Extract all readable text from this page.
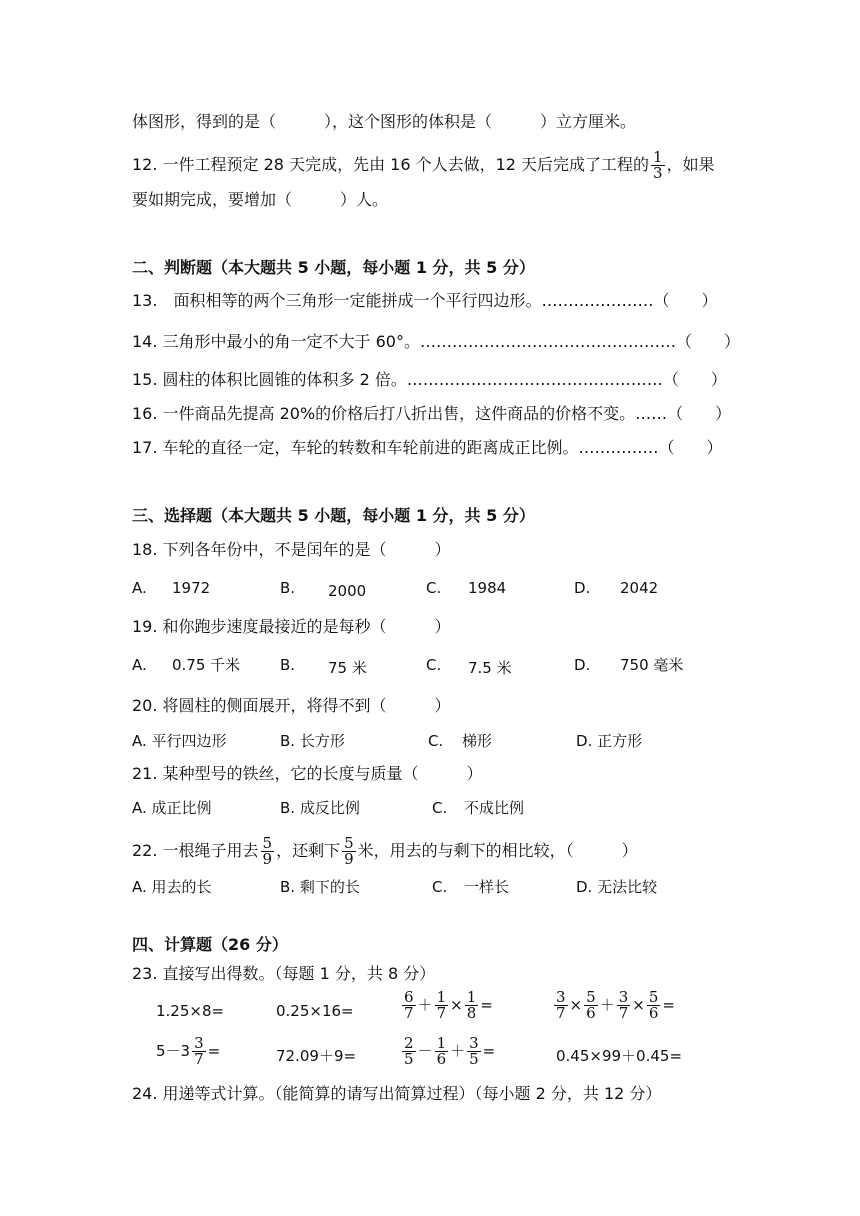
体图形，得到的是（　　　），这个图形的体积是（　　　）立方厘米。
12. 一件工程预定 28 天完成，先由 16 个人去做，12 天后完成了工程的 $\frac{1}{3}$ ，如果
要如期完成，要增加（　　　）人。
二、判断题（本大题共 5 小题，每小题 1 分，共 5 分）
13.　面积相等的两个三角形一定能拼成一个平行四边形。…………………（　　）
14. 三角形中最小的角一定不大于 60°。…………………………………………（　　）
15. 圆柱的体积比圆锥的体积多 2 倍。…………………………………………（　　）
16. 一件商品先提高 20%的价格后打八折出售，这件商品的价格不变。……（　　）
17. 车轮的直径一定，车轮的转数和车轮前进的距离成正比例。……………（　　）
三、选择题（本大题共 5 小题，每小题 1 分，共 5 分）
18. 下列各年份中，不是闰年的是（　　　）
A. 1972	B. 2000	C. 1984	D. 2042
19. 和你跑步速度最接近的是每秒（　　　）
A. 0.75 千米	B. 75 米	C. 7.5 米	D. 750 毫米
20. 将圆柱的侧面展开，将得不到（　　　）
A. 平行四边形	B. 长方形	C. 梯形	D. 正方形
21. 某种型号的铁丝，它的长度与质量（　　　）
A. 成正比例	B. 成反比例	C. 不成比例
22. 一根绳子用去 $\frac{5}{9}$ ，还剩下 $\frac{5}{9}$ 米，用去的与剩下的相比较，（　　　）
A. 用去的长	B. 剩下的长	C. 一样长	D. 无法比较
四、计算题（26 分）
23. 直接写出得数。（每题 1 分，共 8 分）
1.25×8=	0.25×16=	$\frac{6}{7} + \frac{1}{7} \times \frac{1}{8}$ =	$\frac{3}{7} \times \frac{5}{6} + \frac{3}{7} \times \frac{5}{6}$ =
$5-3 \frac{3}{7}$ =	72.09＋9=	$\frac{2}{5} - \frac{1}{6} + \frac{3}{5}$ =	0.45×99＋0.45=
24. 用递等式计算。（能简算的请写出简算过程）（每小题 2 分，共 12 分）
